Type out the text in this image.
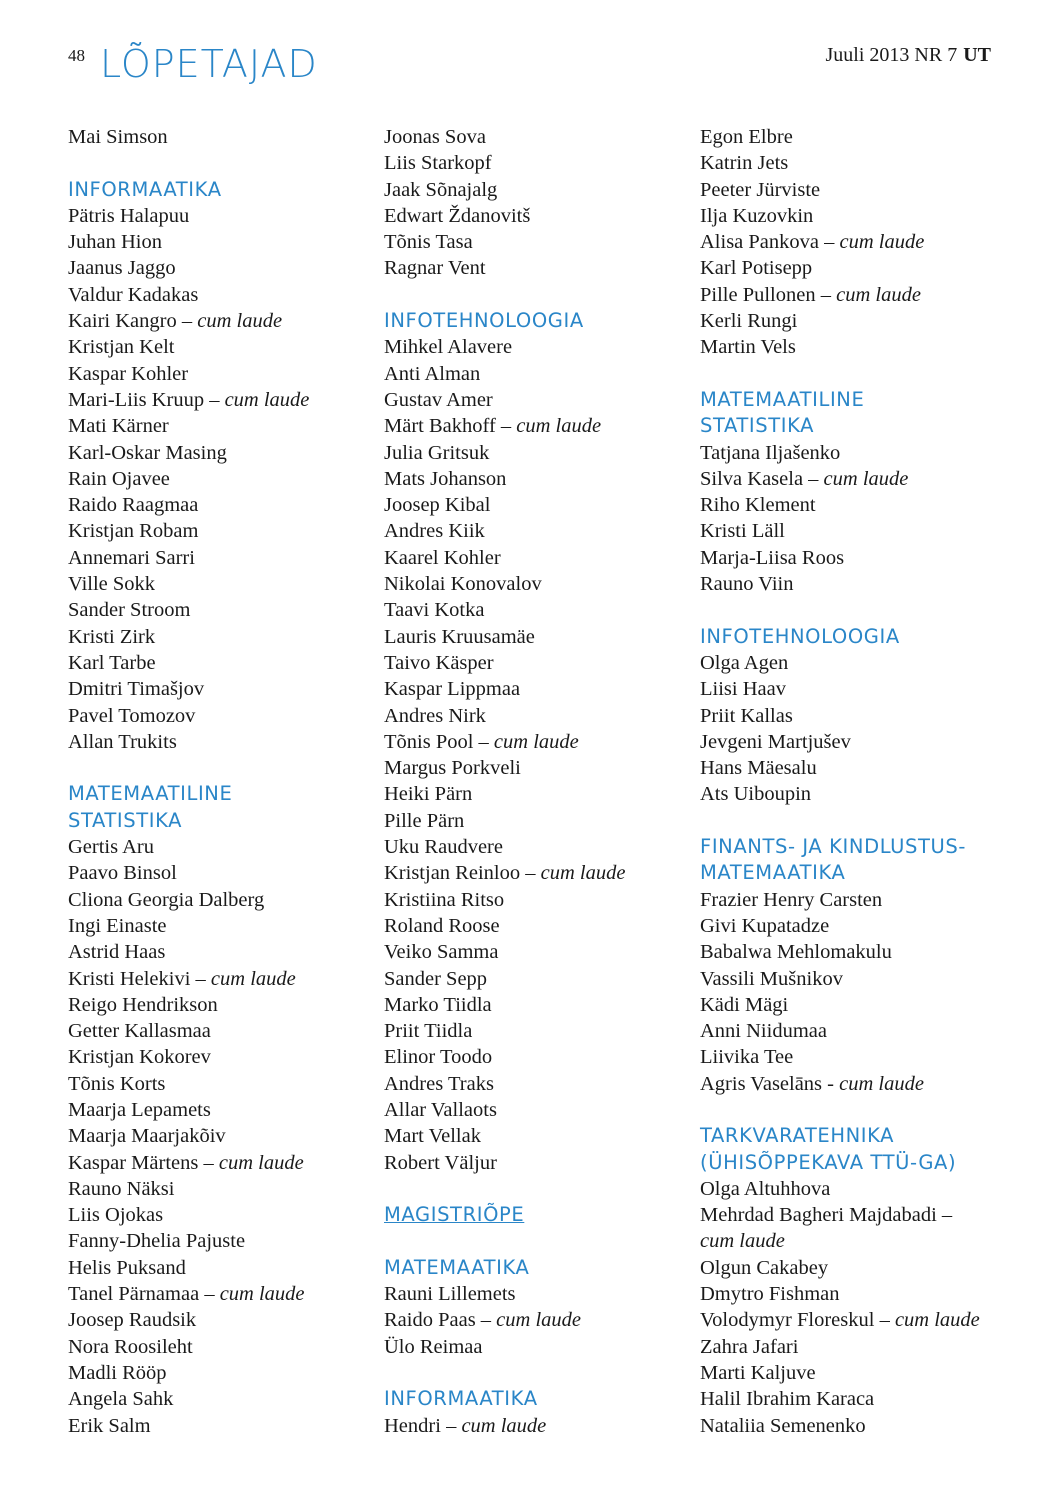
48 LÕPETAJAD	Juuli 2013 NR 7 UT
Mai Simson
INFORMAATIKA
Pätris Halapuu
Juhan Hion
Jaanus Jaggo
Valdur Kadakas
Kairi Kangro – cum laude
Kristjan Kelt
Kaspar Kohler
Mari-Liis Kruup – cum laude
Mati Kärner
Karl-Oskar Masing
Rain Ojavee
Raido Raagmaa
Kristjan Robam
Annemari Sarri
Ville Sokk
Sander Stroom
Kristi Zirk
Karl Tarbe
Dmitri Timašjov
Pavel Tomozov
Allan Trukits
MATEMAATILINE
STATISTIKA
Gertis Aru
Paavo Binsol
Cliona Georgia Dalberg
Ingi Einaste
Astrid Haas
Kristi Helekivi – cum laude
Reigo Hendrikson
Getter Kallasmaa
Kristjan Kokorev
Tõnis Korts
Maarja Lepamets
Maarja Maarjakõiv
Kaspar Märtens – cum laude
Rauno Näksi
Liis Ojokas
Fanny-Dhelia Pajuste
Helis Puksand
Tanel Pärnamaa – cum laude
Joosep Raudsik
Nora Roosileht
Madli Rööp
Angela Sahk
Erik Salm
Joonas Sova
Liis Starkopf
Jaak Sõnajalg
Edwart Ždanovitš
Tõnis Tasa
Ragnar Vent
INFOTEHNOLOOGIA
Mihkel Alavere
Anti Alman
Gustav Amer
Märt Bakhoff – cum laude
Julia Gritsuk
Mats Johanson
Joosep Kibal
Andres Kiik
Kaarel Kohler
Nikolai Konovalov
Taavi Kotka
Lauris Kruusamäe
Taivo Käsper
Kaspar Lippmaa
Andres Nirk
Tõnis Pool – cum laude
Margus Porkveli
Heiki Pärn
Pille Pärn
Uku Raudvere
Kristjan Reinloo – cum laude
Kristiina Ritso
Roland Roose
Veiko Samma
Sander Sepp
Marko Tiidla
Priit Tiidla
Elinor Toodo
Andres Traks
Allar Vallaots
Mart Vellak
Robert Väljur
MAGISTRIÕPE
MATEMAATIKA
Rauni Lillemets
Raido Paas – cum laude
Ülo Reimaa
INFORMAATIKA
Hendri – cum laude
Egon Elbre
Katrin Jets
Peeter Jürviste
Ilja Kuzovkin
Alisa Pankova – cum laude
Karl Potisepp
Pille Pullonen – cum laude
Kerli Rungi
Martin Vels
MATEMAATILINE
STATISTIKA
Tatjana Iljašenko
Silva Kasela – cum laude
Riho Klement
Kristi Läll
Marja-Liisa Roos
Rauno Viin
INFOTEHNOLOOGIA
Olga Agen
Liisi Haav
Priit Kallas
Jevgeni Martjušev
Hans Mäesalu
Ats Uiboupin
FINANTS- JA KINDLUSTUS-
MATEMAATIKA
Frazier Henry Carsten
Givi Kupatadze
Babalwa Mehlomakulu
Vassili Mušnikov
Kädi Mägi
Anni Niidumaa
Liivika Tee
Agris Vaselāns - cum laude
TARKVARATEHNIKA
(ÜHISÕPPEKAVA TTÜ-GA)
Olga Altuhhova
Mehrdad Bagheri Majdabadi –
cum laude
Olgun Cakabey
Dmytro Fishman
Volodymyr Floreskul – cum laude
Zahra Jafari
Marti Kaljuve
Halil Ibrahim Karaca
Nataliia Semenenko
